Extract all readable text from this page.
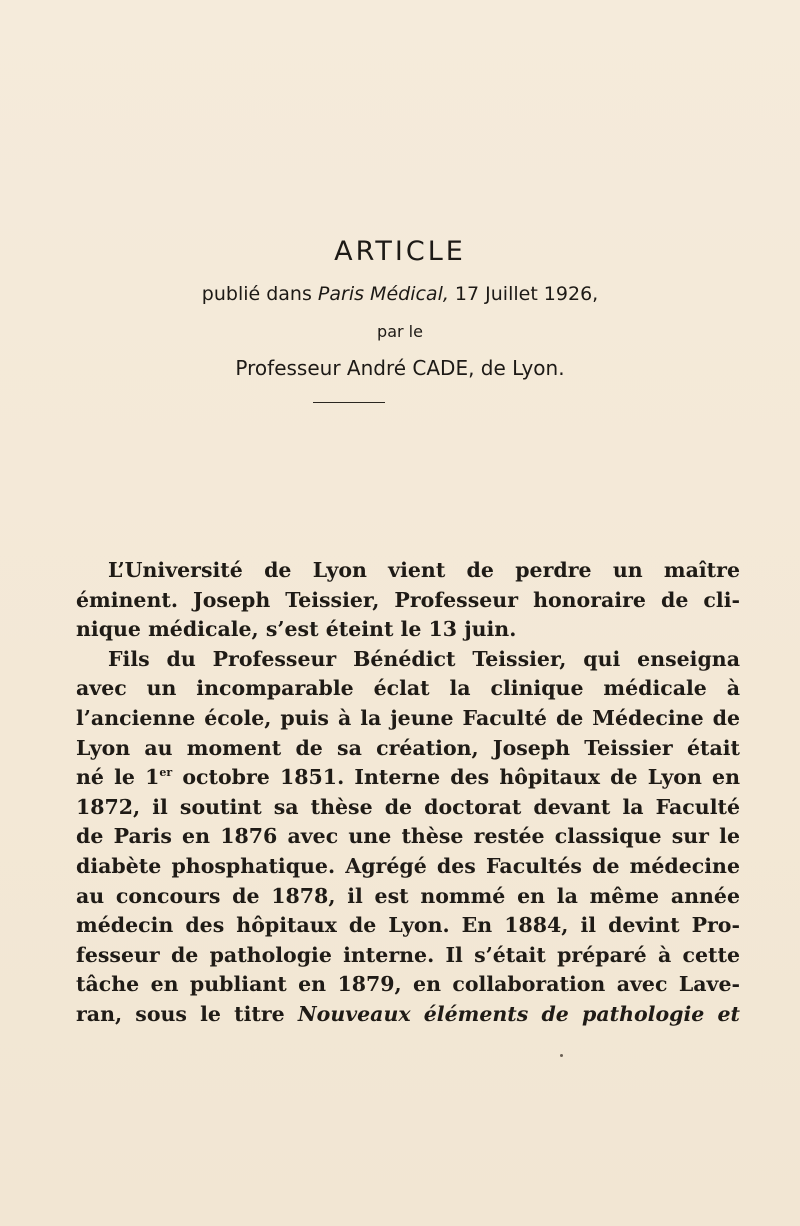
ARTICLE
publié dans Paris Médical, 17 Juillet 1926,
par le
Professeur André CADE, de Lyon.
L’Université de Lyon vient de perdre un maître
éminent. Joseph Teissier, Professeur honoraire de cli-
nique médicale, s’est éteint le 13 juin.
Fils du Professeur Bénédict Teissier, qui enseigna
avec un incomparable éclat la clinique médicale à
l’ancienne école, puis à la jeune Faculté de Médecine de
Lyon au moment de sa création, Joseph Teissier était
né le 1er octobre 1851. Interne des hôpitaux de Lyon en
1872, il soutint sa thèse de doctorat devant la Faculté
de Paris en 1876 avec une thèse restée classique sur le
diabète phosphatique. Agrégé des Facultés de médecine
au concours de 1878, il est nommé en la même année
médecin des hôpitaux de Lyon. En 1884, il devint Pro-
fesseur de pathologie interne. Il s’était préparé à cette
tâche en publiant en 1879, en collaboration avec Lave-
ran, sous le titre Nouveaux éléments de pathologie et
